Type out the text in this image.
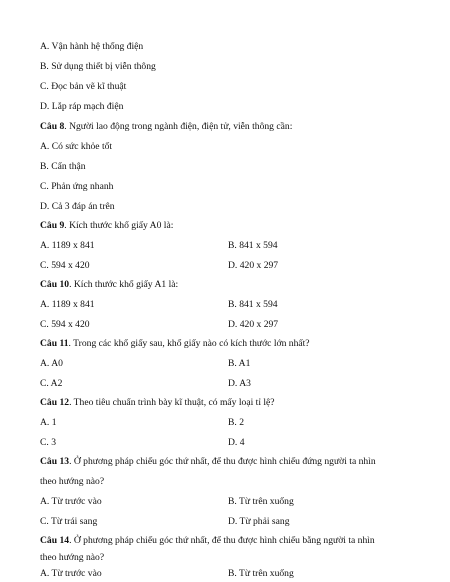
A. Vận hành hệ thống điện
B. Sử dụng thiết bị viễn thông
C. Đọc bản vẽ kĩ thuật
D. Lắp ráp mạch điện
Câu 8. Người lao động trong ngành điện, điện tử, viễn thông cần:
A. Có sức khỏe tốt
B. Cẩn thận
C. Phản ứng nhanh
D. Cả 3 đáp án trên
Câu 9. Kích thước khổ giấy A0 là:
A. 1189 x 841	B. 841 x 594
C. 594 x 420	D. 420 x 297
Câu 10. Kích thước khổ giấy A1 là:
A. 1189 x 841	B. 841 x 594
C. 594 x 420	D. 420 x 297
Câu 11. Trong các khổ giấy sau, khổ giấy nào có kích thước lớn nhất?
A. A0	B. A1
C. A2	D. A3
Câu 12. Theo tiêu chuẩn trình bày kĩ thuật, có mấy loại tỉ lệ?
A. 1	B. 2
C. 3	D. 4
Câu 13. Ở phương pháp chiếu góc thứ nhất, để thu được hình chiếu đứng người ta nhìn
theo hướng nào?
A. Từ trước vào	B. Từ trên xuống
C. Từ trái sang	D. Từ phải sang
Câu 14. Ở phương pháp chiếu góc thứ nhất, để thu được hình chiếu bằng người ta nhìn
theo hướng nào?
A. Từ trước vào	B. Từ trên xuống
